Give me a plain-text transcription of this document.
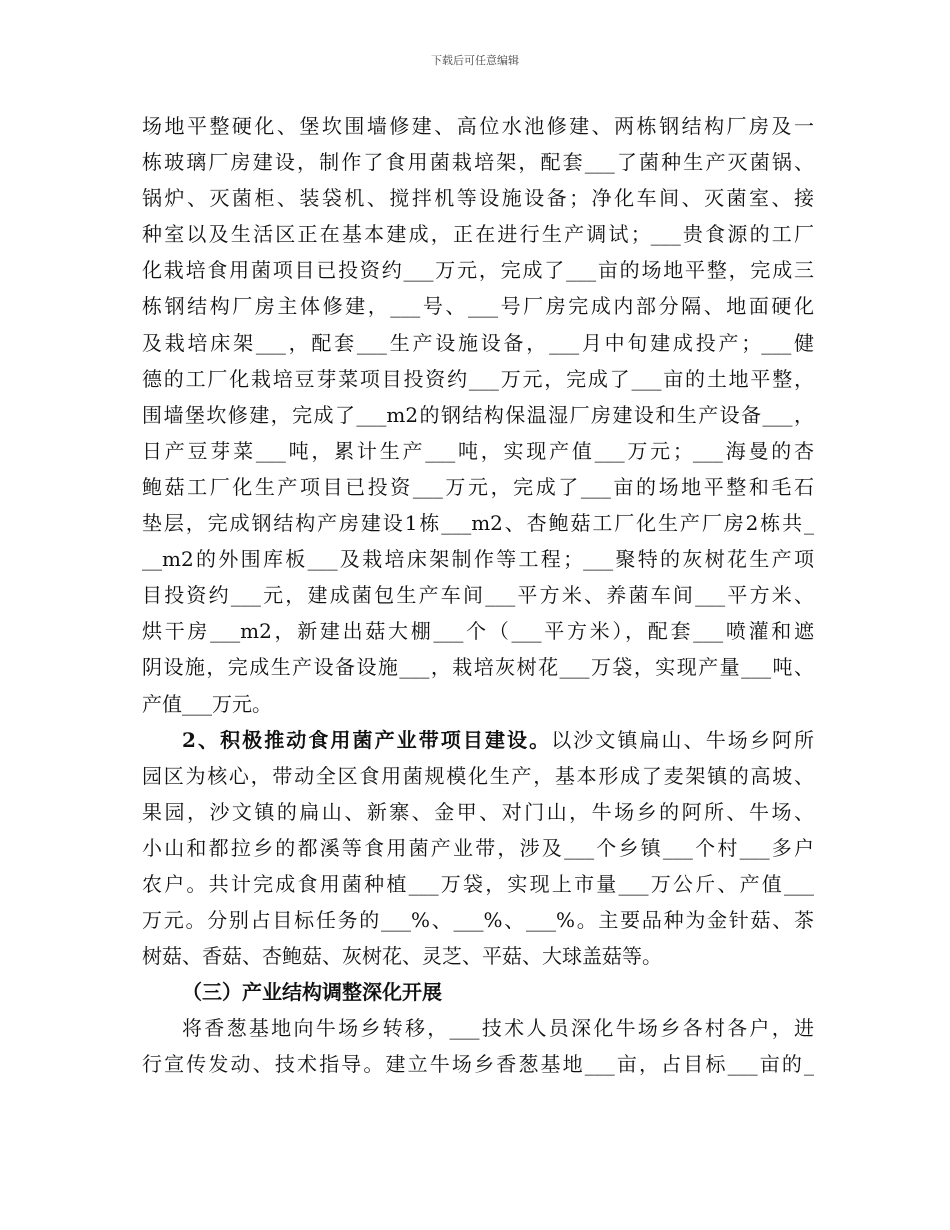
下载后可任意编辑
场地平整硬化、堡坎围墙修建、高位水池修建、两栋钢结构厂房及一
栋玻璃厂房建设，制作了食用菌栽培架，配套___了菌种生产灭菌锅、
锅炉、灭菌柜、装袋机、搅拌机等设施设备；净化车间、灭菌室、接
种室以及生活区正在基本建成，正在进行生产调试；___贵食源的工厂
化栽培食用菌项目已投资约___万元，完成了___亩的场地平整，完成三
栋钢结构厂房主体修建，___号、___号厂房完成内部分隔、地面硬化
及栽培床架___，配套___生产设施设备，___月中旬建成投产；___健
德的工厂化栽培豆芽菜项目投资约___万元，完成了___亩的土地平整，
围墙堡坎修建，完成了___m2的钢结构保温湿厂房建设和生产设备___，
日产豆芽菜___吨，累计生产___吨，实现产值___万元；___海曼的杏
鲍菇工厂化生产项目已投资___万元，完成了___亩的场地平整和毛石
垫层，完成钢结构产房建设1栋___m2、杏鲍菇工厂化生产厂房2栋共_
__m2的外围库板___及栽培床架制作等工程；___聚特的灰树花生产项
目投资约___元，建成菌包生产车间___平方米、养菌车间___平方米、
烘干房___m2，新建出菇大棚___个（___平方米），配套___喷灌和遮
阴设施，完成生产设备设施___，栽培灰树花___万袋，实现产量___吨、
产值___万元。
2、积极推动食用菌产业带项目建设。以沙文镇扁山、牛场乡阿所
园区为核心，带动全区食用菌规模化生产，基本形成了麦架镇的高坡、
果园，沙文镇的扁山、新寨、金甲、对门山，牛场乡的阿所、牛场、
小山和都拉乡的都溪等食用菌产业带，涉及___个乡镇___个村___多户
农户。共计完成食用菌种植___万袋，实现上市量___万公斤、产值___
万元。分别占目标任务的___%、___%、___%。主要品种为金针菇、茶
树菇、香菇、杏鲍菇、灰树花、灵芝、平菇、大球盖菇等。
（三）产业结构调整深化开展
将香葱基地向牛场乡转移，___技术人员深化牛场乡各村各户，进
行宣传发动、技术指导。建立牛场乡香葱基地___亩，占目标___亩的_
